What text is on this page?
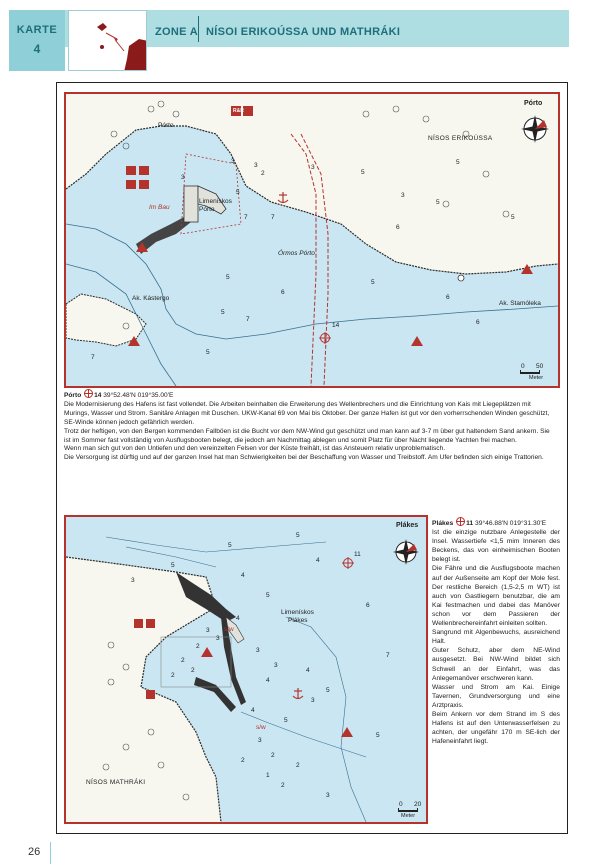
KARTE
4
ZONE A NÍSOI ERIKOÚSSA UND MATHRÁKI
Pórto
Pórto
NÍSOS ERIKOÚSSA
Limenískos
Pórto
Im Bau
Órmos Pórto
Ak. Kástergo
Ak. Stamólekа
R&R
14
0 50
Meter
3
2
5
3
3
3
7
5
5
5
5
6
3
5
6
5
5
7
5
7
6
7
6
Pórto 14 39°52.48'N 019°35.00'E
Die Modernisierung des Hafens ist fast vollendet. Die Arbeiten beinhalten die Erweiterung des Wellenbrechers und die Einrichtung von Kais mit Liegeplätzen mit Murings, Wasser und Strom. Sanitäre Anlagen mit Duschen. UKW-Kanal 69 von Mai bis Oktober. Der ganze Hafen ist gut vor den vorherrschenden Winden geschützt, SE-Winde können jedoch gefährlich werden.
Trotz der heftigen, von den Bergen kommenden Fallböen ist die Bucht vor dem NW-Wind gut geschützt und man kann auf 3-7 m über gut haltendem Sand ankern. Sie ist im Sommer fast vollständig von Ausflugsbooten belegt, die jedoch am Nachmittag ablegen und somit Platz für über Nacht liegende Yachten frei machen.
Wenn man sich gut von den Untiefen und den vereinzelten Felsen vor der Küste freihält, ist das Ansteuern relativ unproblematisch.
Die Versorgung ist dürftig und auf der ganzen Insel hat man Schwierigkeiten bei der Beschaffung von Wasser und Treibstoff. Am Ufer befinden sich einige Trattorien.
Plákes
Limenískos
Plákes
NÍSOS MATHRÁKI
s/w
s/w
11
0 20
Meter
5
5
4
5
4
3
3
2
2
2
2
3
3
4
4
5
3
2
5
4
6
7
5
4
3
2
1
2
2
3
5
3
Plákes 11 39°46.88'N 019°31.30'E
Ist die einzige nutzbare Anlegestelle der Insel. Wassertiefe <1,5 mim Inneren des Beckens, das von einheimischen Booten belegt ist.
Die Fähre und die Ausflugsboote machen auf der Außenseite am Kopf der Mole fest. Der restliche Bereich (1,5-2,5 m WT) ist auch von Gastliegern benutzbar, die am Kai festmachen und dabei das Manöver schon vor dem Passieren der Wellenbrechereinfahrt einleiten sollten.
Sangrund mit Algenbewuchs, ausreichend Halt.
Guter Schutz, aber dem NE-Wind ausgesetzt. Bei NW-Wind bildet sich Schwell an der Einfahrt, was das Anlegemanöver erschweren kann.
Wasser und Strom am Kai. Einige Tavernen, Grundversorgung und eine Arztpraxis.
Beim Ankern vor dem Strand im S des Hafens ist auf den Unterwasserfelsen zu achten, der ungefähr 170 m SE-lich der Hafeneinfahrt liegt.
26
